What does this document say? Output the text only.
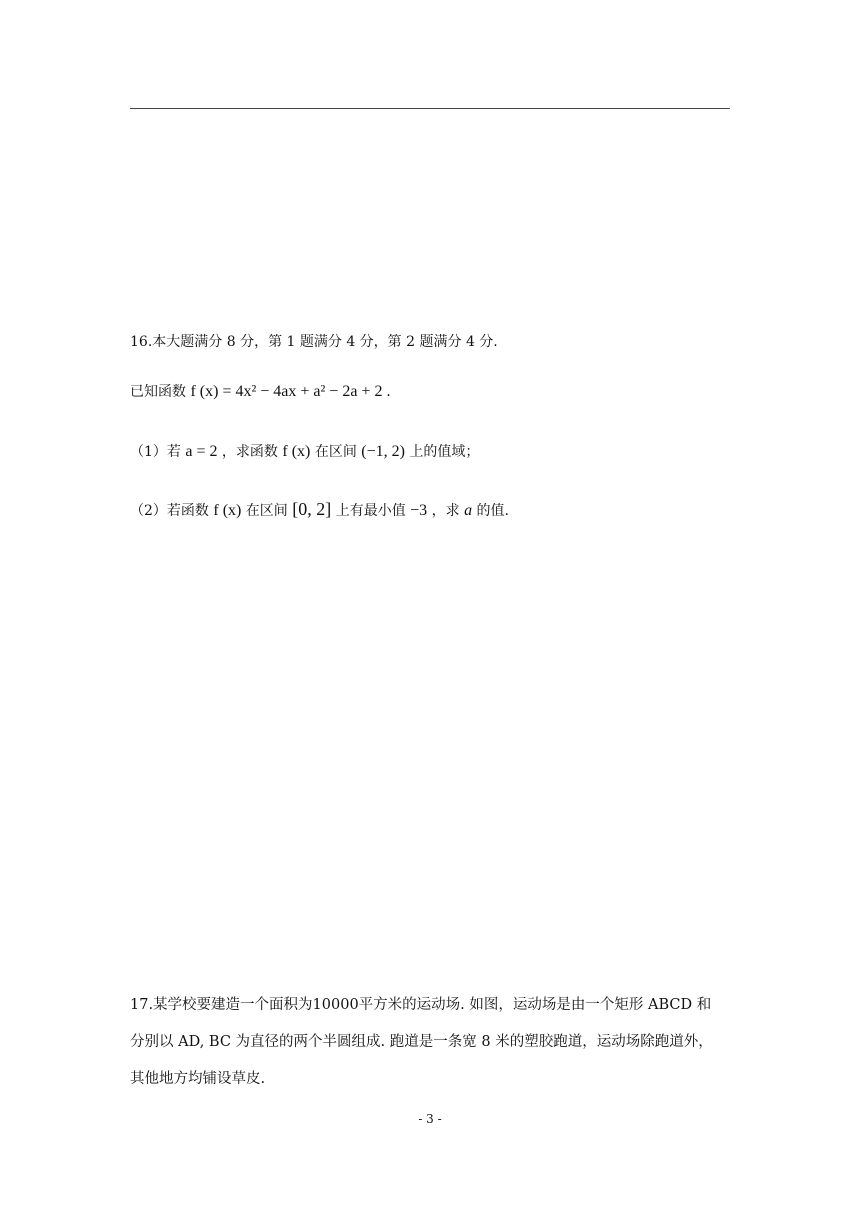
16.本大题满分 8 分，第 1 题满分 4 分，第 2 题满分 4 分.
已知函数 f (x) = 4x² − 4ax + a² − 2a + 2 .
（1）若 a = 2 ，求函数 f (x) 在区间 (−1, 2) 上的值域；
（2）若函数 f (x) 在区间 [0, 2] 上有最小值 −3 ，求 a 的值.
17.某学校要建造一个面积为10000平方米的运动场. 如图，运动场是由一个矩形 ABCD 和
分别以 AD, BC 为直径的两个半圆组成. 跑道是一条宽 8 米的塑胶跑道，运动场除跑道外，
其他地方均铺设草皮.
- 3 -
